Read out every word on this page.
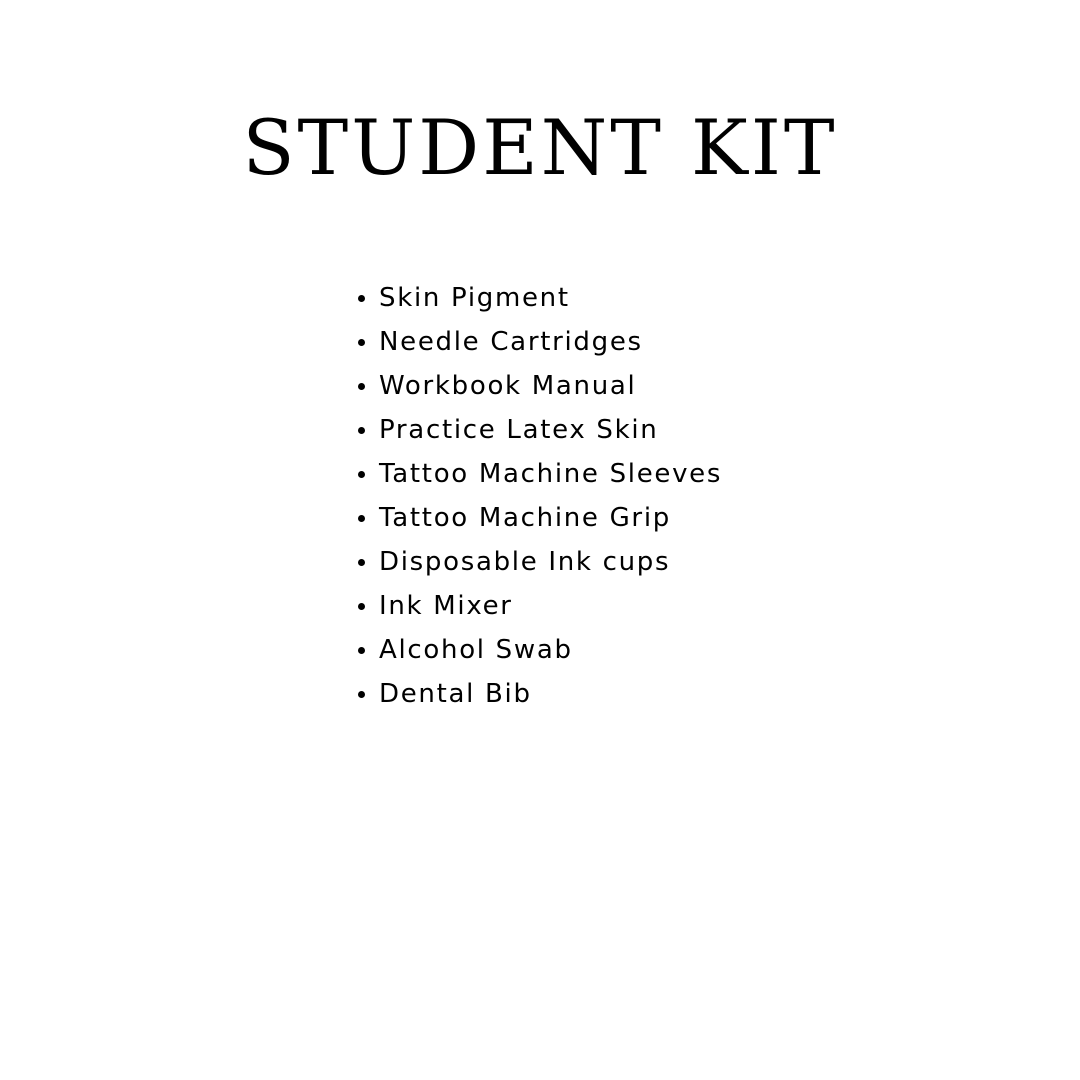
STUDENT KIT
Skin Pigment
Needle Cartridges
Workbook Manual
Practice Latex Skin
Tattoo Machine Sleeves
Tattoo Machine Grip
Disposable Ink cups
Ink Mixer
Alcohol Swab
Dental Bib
